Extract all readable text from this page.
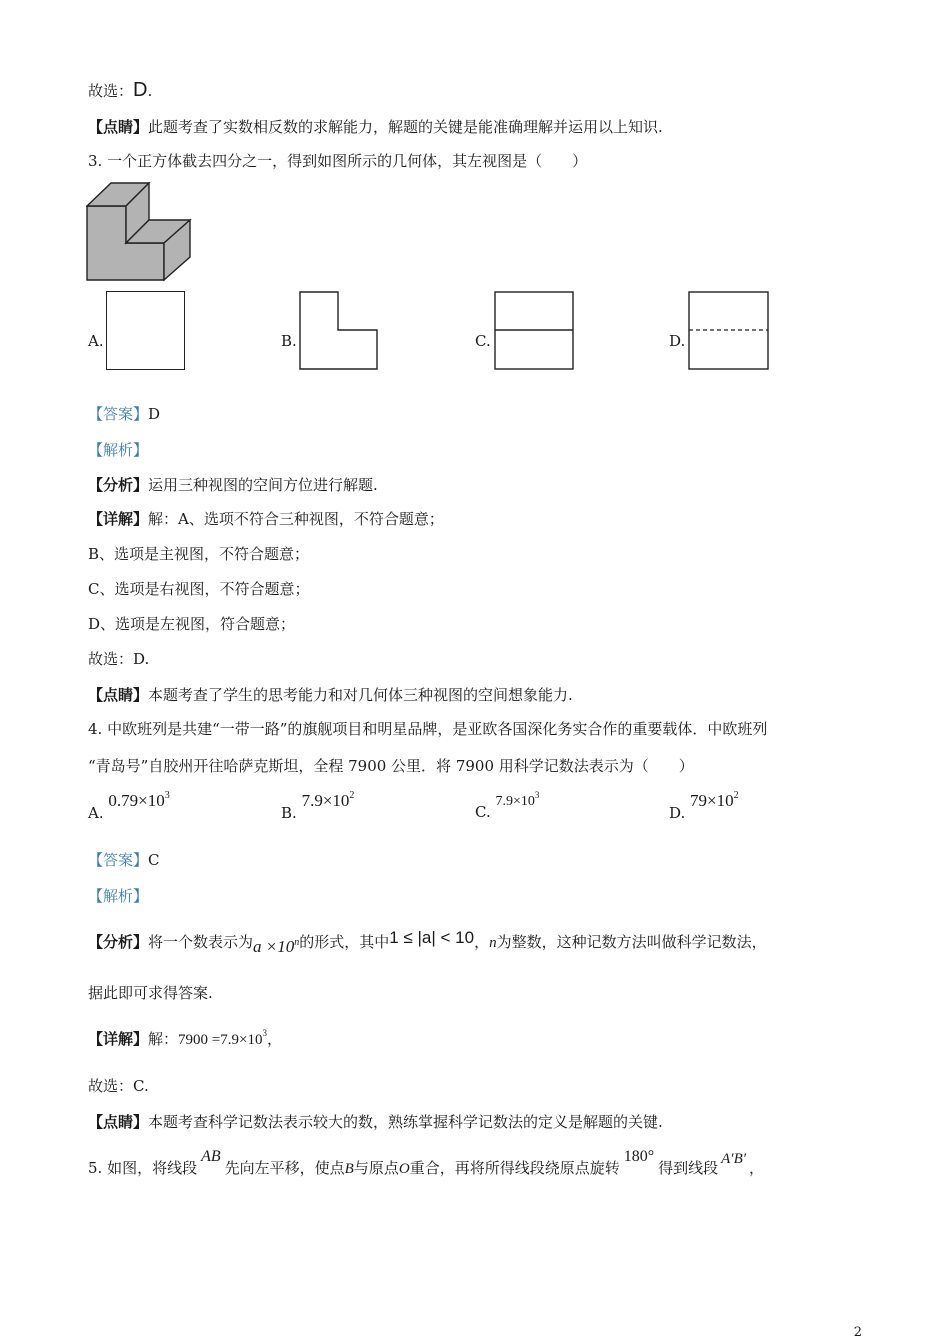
故选：D.
【点睛】此题考查了实数相反数的求解能力，解题的关键是能准确理解并运用以上知识.
3. 一个正方体截去四分之一，得到如图所示的几何体，其左视图是（　　）
A.	B.	C.	D.
【答案】D
【解析】
【分析】运用三种视图的空间方位进行解题.
【详解】解：A、选项不符合三种视图，不符合题意；
B、选项是主视图，不符合题意；
C、选项是右视图，不符合题意；
D、选项是左视图，符合题意；
故选：D.
【点睛】本题考查了学生的思考能力和对几何体三种视图的空间想象能力.
4. 中欧班列是共建“一带一路”的旗舰项目和明星品牌，是亚欧各国深化务实合作的重要载体．中欧班列
“青岛号”自胶州开往哈萨克斯坦，全程 7900 公里．将 7900 用科学记数法表示为（　　）
A. $0.79\times 10^3$
B. $7.9\times 10^2$
C. $7.9\times 10^3$
D. $79\times 10^2$
【答案】C
【解析】
【分析】将一个数表示为a ×10n的形式，其中1 ≤ |a| < 10，n为整数，这种记数方法叫做科学记数法，
据此即可求得答案.
【详解】解：$7900 =7.9\times 10^3$，
故选：C.
【点睛】本题考查科学记数法表示较大的数，熟练掌握科学记数法的定义是解题的关键.
5. 如图，将线段AB先向左平移，使点B与原点O重合，再将所得线段绕原点旋转180°得到线段 A′B′ ，
2
